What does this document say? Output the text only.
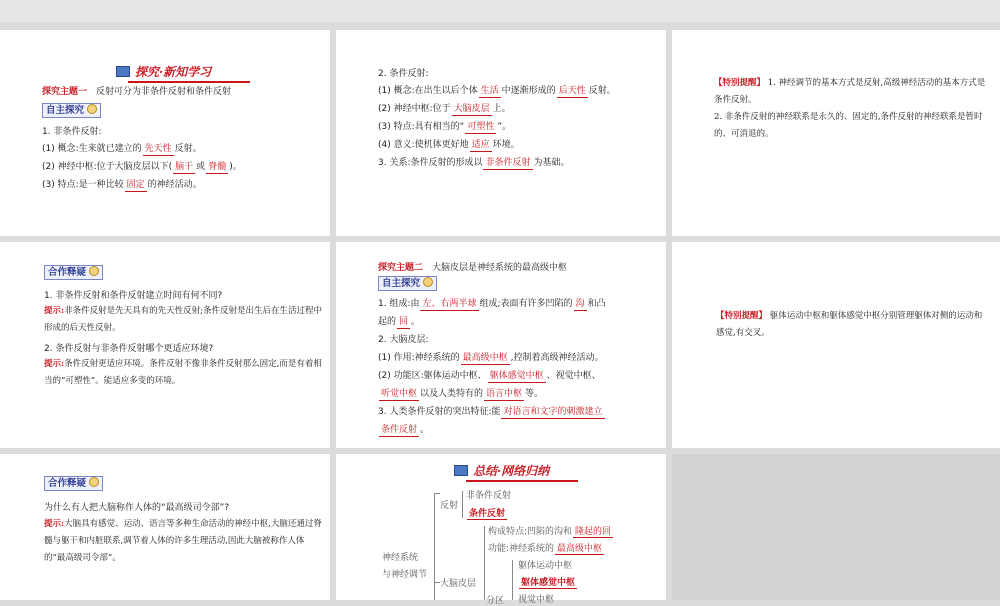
探究·新知学习
探究主题一　 反射可分为非条件反射和条件反射
自主探究
1. 非条件反射:
(1) 概念:生来就已建立的 先天性 反射。
(2) 神经中枢:位于大脑皮层以下( 脑干 或 脊髓 )。
(3) 特点:是一种比较 固定 的神经活动。
2. 条件反射:
(1) 概念:在出生以后个体 生活 中逐渐形成的 后天性 反射。
(2) 神经中枢:位于 大脑皮层 上。
(3) 特点:具有相当的“ 可塑性 ”。
(4) 意义:使机体更好地 适应 环境。
3. 关系:条件反射的形成以 非条件反射 为基础。
【特别提醒】 1. 神经调节的基本方式是反射,高级神经活动的基本方式是条件反射。
2. 非条件反射的神经联系是永久的、固定的,条件反射的神经联系是暂时的、可消退的。
合作释疑
1. 非条件反射和条件反射建立时间有何不同?
提示:非条件反射是先天具有的先天性反射;条件反射是出生后在生活过程中形成的后天性反射。
2. 条件反射与非条件反射哪个更适应环境?
提示:条件反射更适应环境。条件反射不像非条件反射那么固定,而是有着相当的“可塑性”。能适应多变的环境。
探究主题二　 大脑皮层是神经系统的最高级中枢
自主探究
1. 组成:由 左、右两半球 组成;表面有许多凹陷的 沟 和凸
起的 回 。
2. 大脑皮层:
(1) 作用:神经系统的 最高级中枢 ,控制着高级神经活动。
(2) 功能区:躯体运动中枢、 躯体感觉中枢 、视觉中枢、
听觉中枢 以及人类特有的 语言中枢 等。
3. 人类条件反射的突出特征:能 对语言和文字的刺激建立
条件反射 。
【特别提醒】 躯体运动中枢和躯体感觉中枢分别管理躯体对侧的运动和感觉,有交叉。
合作释疑
为什么有人把大脑称作人体的“最高级司令部”?
提示:大脑具有感觉、运动、语言等多种生命活动的神经中枢,大脑还通过脊髓与躯干和内脏联系,调节着人体的许多生理活动,因此大脑被称作人体的“最高级司令部”。
总结·网络归纳
神经系统
与神经调节
反射
非条件反射
条件反射
大脑皮层
构成特点:凹陷的沟和 隆起的回
功能:神经系统的 最高级中枢
分区
躯体运动中枢
躯体感觉中枢
视觉中枢
